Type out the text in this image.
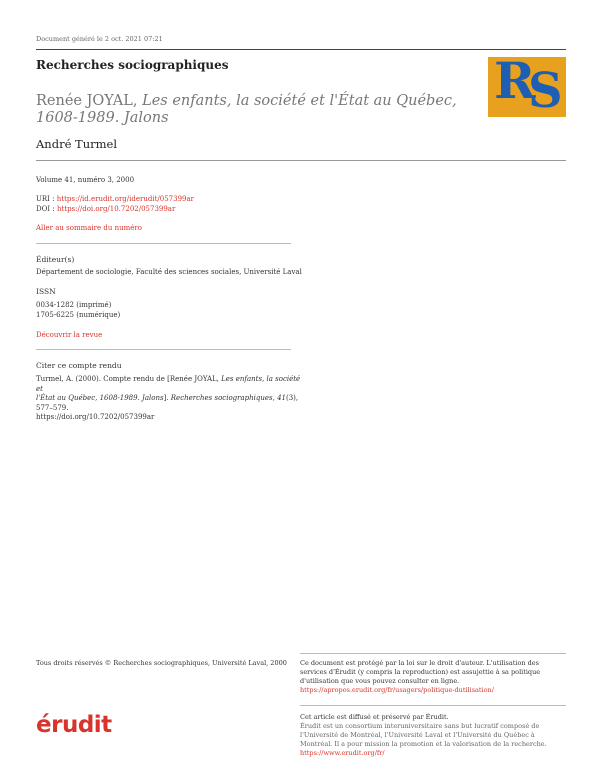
Document généré le 2 oct. 2021 07:21
Recherches sociographiques	R
S
Renée JOYAL, Les enfants, la société et l'État au Québec, 1608-1989. Jalons
André Turmel
Volume 41, numéro 3, 2000
URI : https://id.erudit.org/iderudit/057399ar
DOI : https://doi.org/10.7202/057399ar
Aller au sommaire du numéro
Éditeur(s)
Département de sociologie, Faculté des sciences sociales, Université Laval
ISSN
0034-1282 (imprimé)
1705-6225 (numérique)
Découvrir la revue
Citer ce compte rendu
Turmel, A. (2000). Compte rendu de [Renée JOYAL, Les enfants, la société et
l'État au Québec, 1608-1989. Jalons]. Recherches sociographiques, 41(3), 577–579.
https://doi.org/10.7202/057399ar
Tous droits réservés © Recherches sociographiques, Université Laval, 2000 Ce document est protégé par la loi sur le droit d'auteur. L'utilisation des services d'Érudit (y compris la reproduction) est assujettie à sa politique d'utilisation que vous pouvez consulter en ligne.
https://apropos.erudit.org/fr/usagers/politique-dutilisation/
érudit	Cet article est diffusé et préservé par Érudit.
Érudit est un consortium interuniversitaire sans but lucratif composé de l'Université de Montréal, l'Université Laval et l'Université du Québec à Montréal. Il a pour mission la promotion et la valorisation de la recherche.
https://www.erudit.org/fr/
